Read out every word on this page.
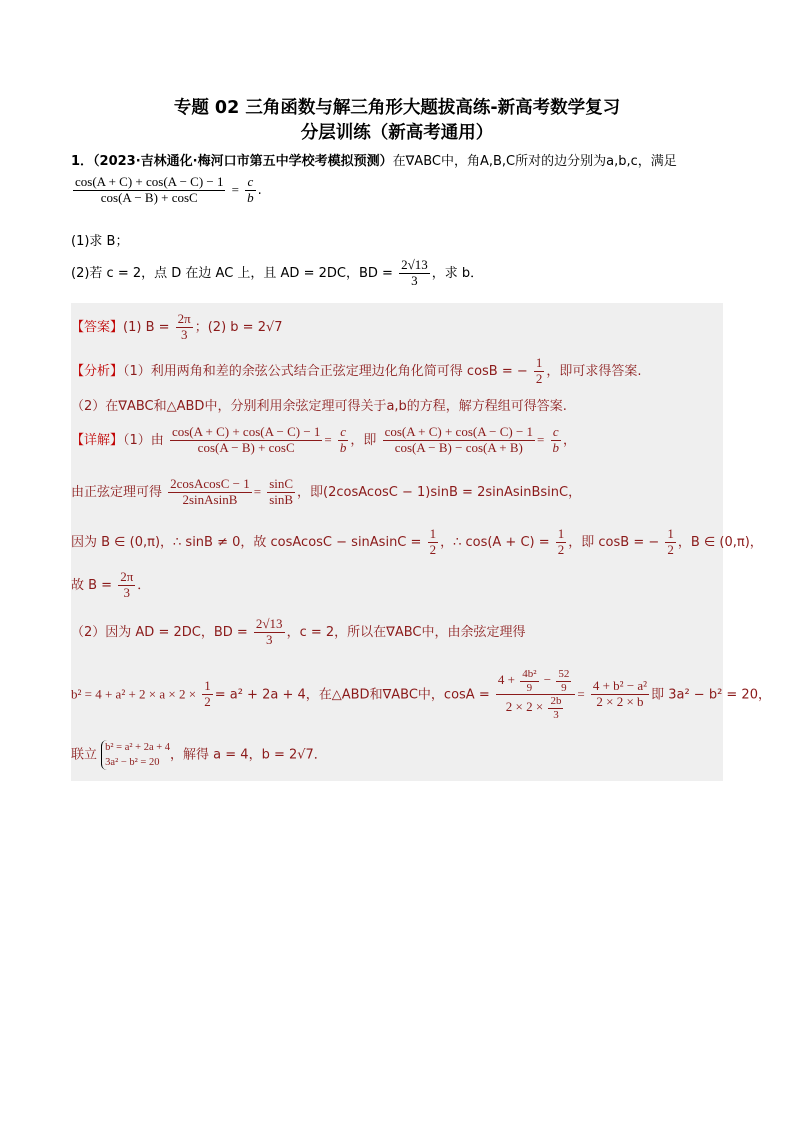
专题 02 三角函数与解三角形大题拔高练-新高考数学复习
分层训练（新高考通用）
1．（2023·吉林通化·梅河口市第五中学校考模拟预测）在∇ABC中，角A,B,C所对的边分别为a,b,c，满足
$\frac{\cos(A + C) + \cos(A - C) - 1}{\cos(A - B) + \cos C} = \frac{c}{b}$ .
(1)求 B；
(2)若 c = 2，点 D 在边 AC 上，且 AD = 2DC，BD = $\frac{2√13}{3}$ ，求 b．
【答案】(1) $B = \frac{2\pi}{3}$ ；(2) b = 2√7
【分析】（1）利用两角和差的余弦公式结合正弦定理边化角化简可得 cosB = − $\frac{1}{2}$ ，即可求得答案.
（2）在∇ABC和△ABD中，分别利用余弦定理可得关于a,b的方程，解方程组可得答案.
【详解】（1）由 $\frac{\cos(A + C) + \cos(A - C) - 1}{\cos(A - B) + \cos C} = \frac{c}{b}$ ，即 $\frac{\cos(A + C) + \cos(A - C) - 1}{\cos(A - B) - \cos(A + B)} = \frac{c}{b}$ ，
由正弦定理可得 $\frac{\text{2cosAcosC − 1}}{\text{2sinAsinB}} = \frac{\sin C}{\sin B}$ ，即(2cosAcosC − 1)sinB = 2sinAsinBsinC，
因为 B ∈ (0,π)，∴ sinB ≠ 0，故 cosAcosC − sinAsinC = $\frac{1}{2}$ ，∴ $\cos(A + C) = \frac{1}{2}$ ，即 cosB = − $\frac{1}{2}$ ，B ∈ (0,π)，
故 $B = \frac{2\pi}{3}$ ．
（2）因为 AD = 2DC，BD = $\frac{2√13}{3}$ ，c = 2，所以在∇ABC中，由余弦定理得
$b^2 = 4 + a^2 + 2 \times a \times 2 \times \frac{1}{2} = a^2 + 2a + 4$，在△ABD和∇ABC中，$\cos A = \frac{4 + \frac{\text{4b²}}{9} - \frac{52}{9}}{2 \times 2 \times \frac{2b}{3}} = \frac{\text{4 + b² − a²}}{2 \times 2 \times b}$ 即 3a² − b² = 20，
联立 b² = a² + 2a + 4
3a² − b² = 20 ，解得 a = 4，b = 2√7．
